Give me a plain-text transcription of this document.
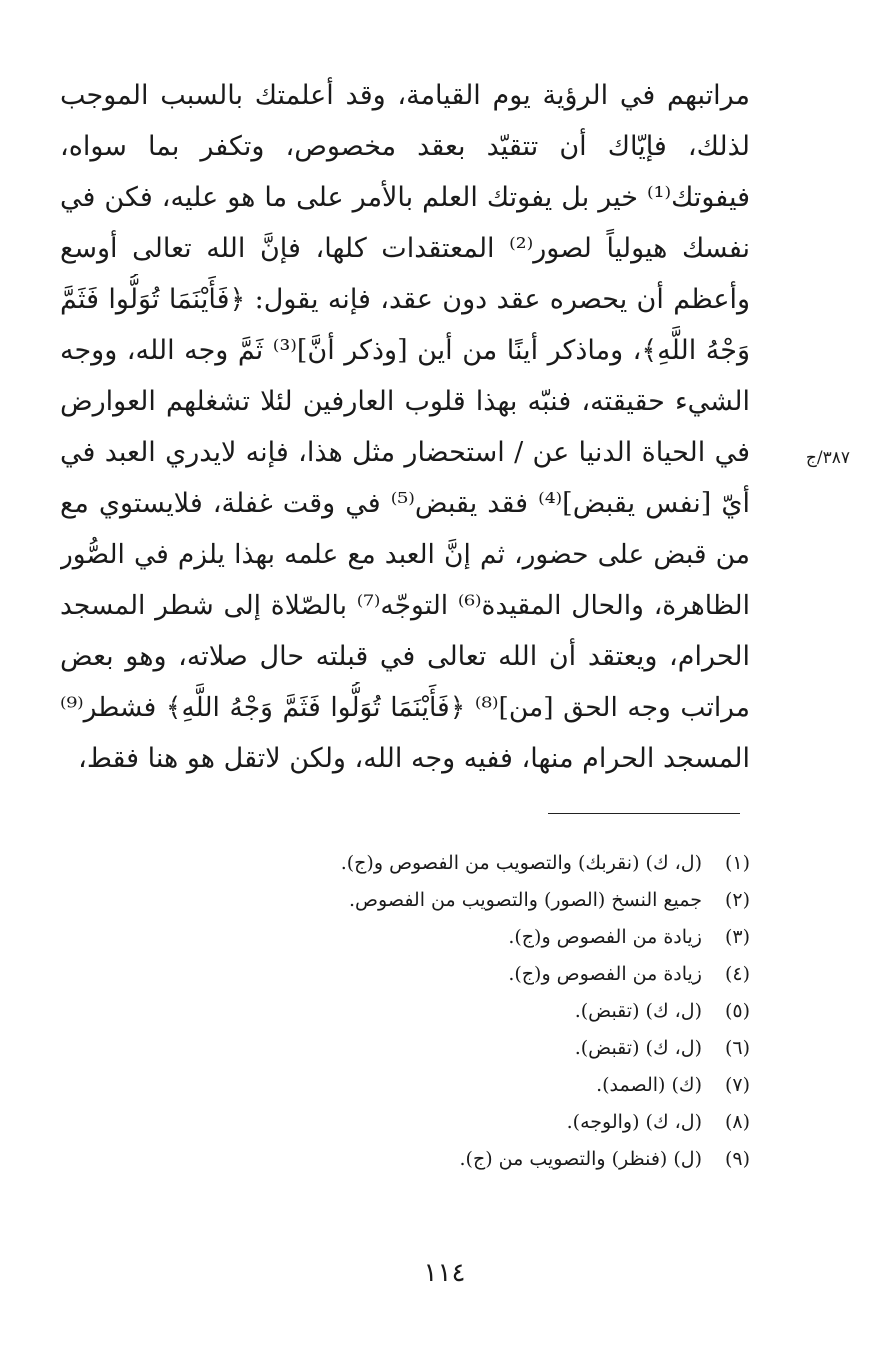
مراتبهم في الرؤية يوم القيامة، وقد أعلمتك بالسبب الموجب
لذلك، فإيّاك أن تتقيّد بعقد مخصوص، وتكفر بما سواه،
فيفوتك⁽¹⁾ خير بل يفوتك العلم بالأمر على ما هو عليه، فكن في
نفسك هيولياً لصور⁽²⁾ المعتقدات كلها، فإنَّ الله تعالى أوسع
وأعظم أن يحصره عقد دون عقد، فإنه يقول: ﴿فَأَيْنَمَا تُوَلُّوا فَثَمَّ
وَجْهُ اللَّهِ﴾، وماذكر أينًا من أين [وذكر أنَّ]⁽³⁾ ثَمَّ وجه الله، ووجه
الشيء حقيقته، فنبّه بهذا قلوب العارفين لئلا تشغلهم العوارض
في الحياة الدنيا عن / استحضار مثل هذا، فإنه لايدري العبد في
أيّ [نفس يقبض]⁽⁴⁾ فقد يقبض⁽⁵⁾ في وقت غفلة، فلايستوي مع
من قبض على حضور، ثم إنَّ العبد مع علمه بهذا يلزم في الصُّور
الظاهرة، والحال المقيدة⁽⁶⁾ التوجّه⁽⁷⁾ بالصّلاة إلى شطر المسجد
الحرام، ويعتقد أن الله تعالى في قبلته حال صلاته، وهو بعض
مراتب وجه الحق [من]⁽⁸⁾ ﴿فَأَيْنَمَا تُوَلُّوا فَثَمَّ وَجْهُ اللَّهِ﴾ فشطر⁽⁹⁾
المسجد الحرام منها، ففيه وجه الله، ولكن لاتقل هو هنا فقط،
٣٨٧/ج
(١)(ل، ك) (نقربك) والتصويب من الفصوص و(ج).
(٢)جميع النسخ (الصور) والتصويب من الفصوص.
(٣)زيادة من الفصوص و(ج).
(٤)زيادة من الفصوص و(ج).
(٥)(ل، ك) (تقبض).
(٦)(ل، ك) (تقبض).
(٧)(ك) (الصمد).
(٨)(ل، ك) (والوجه).
(٩)(ل) (فنظر) والتصويب من (ج).
١١٤
